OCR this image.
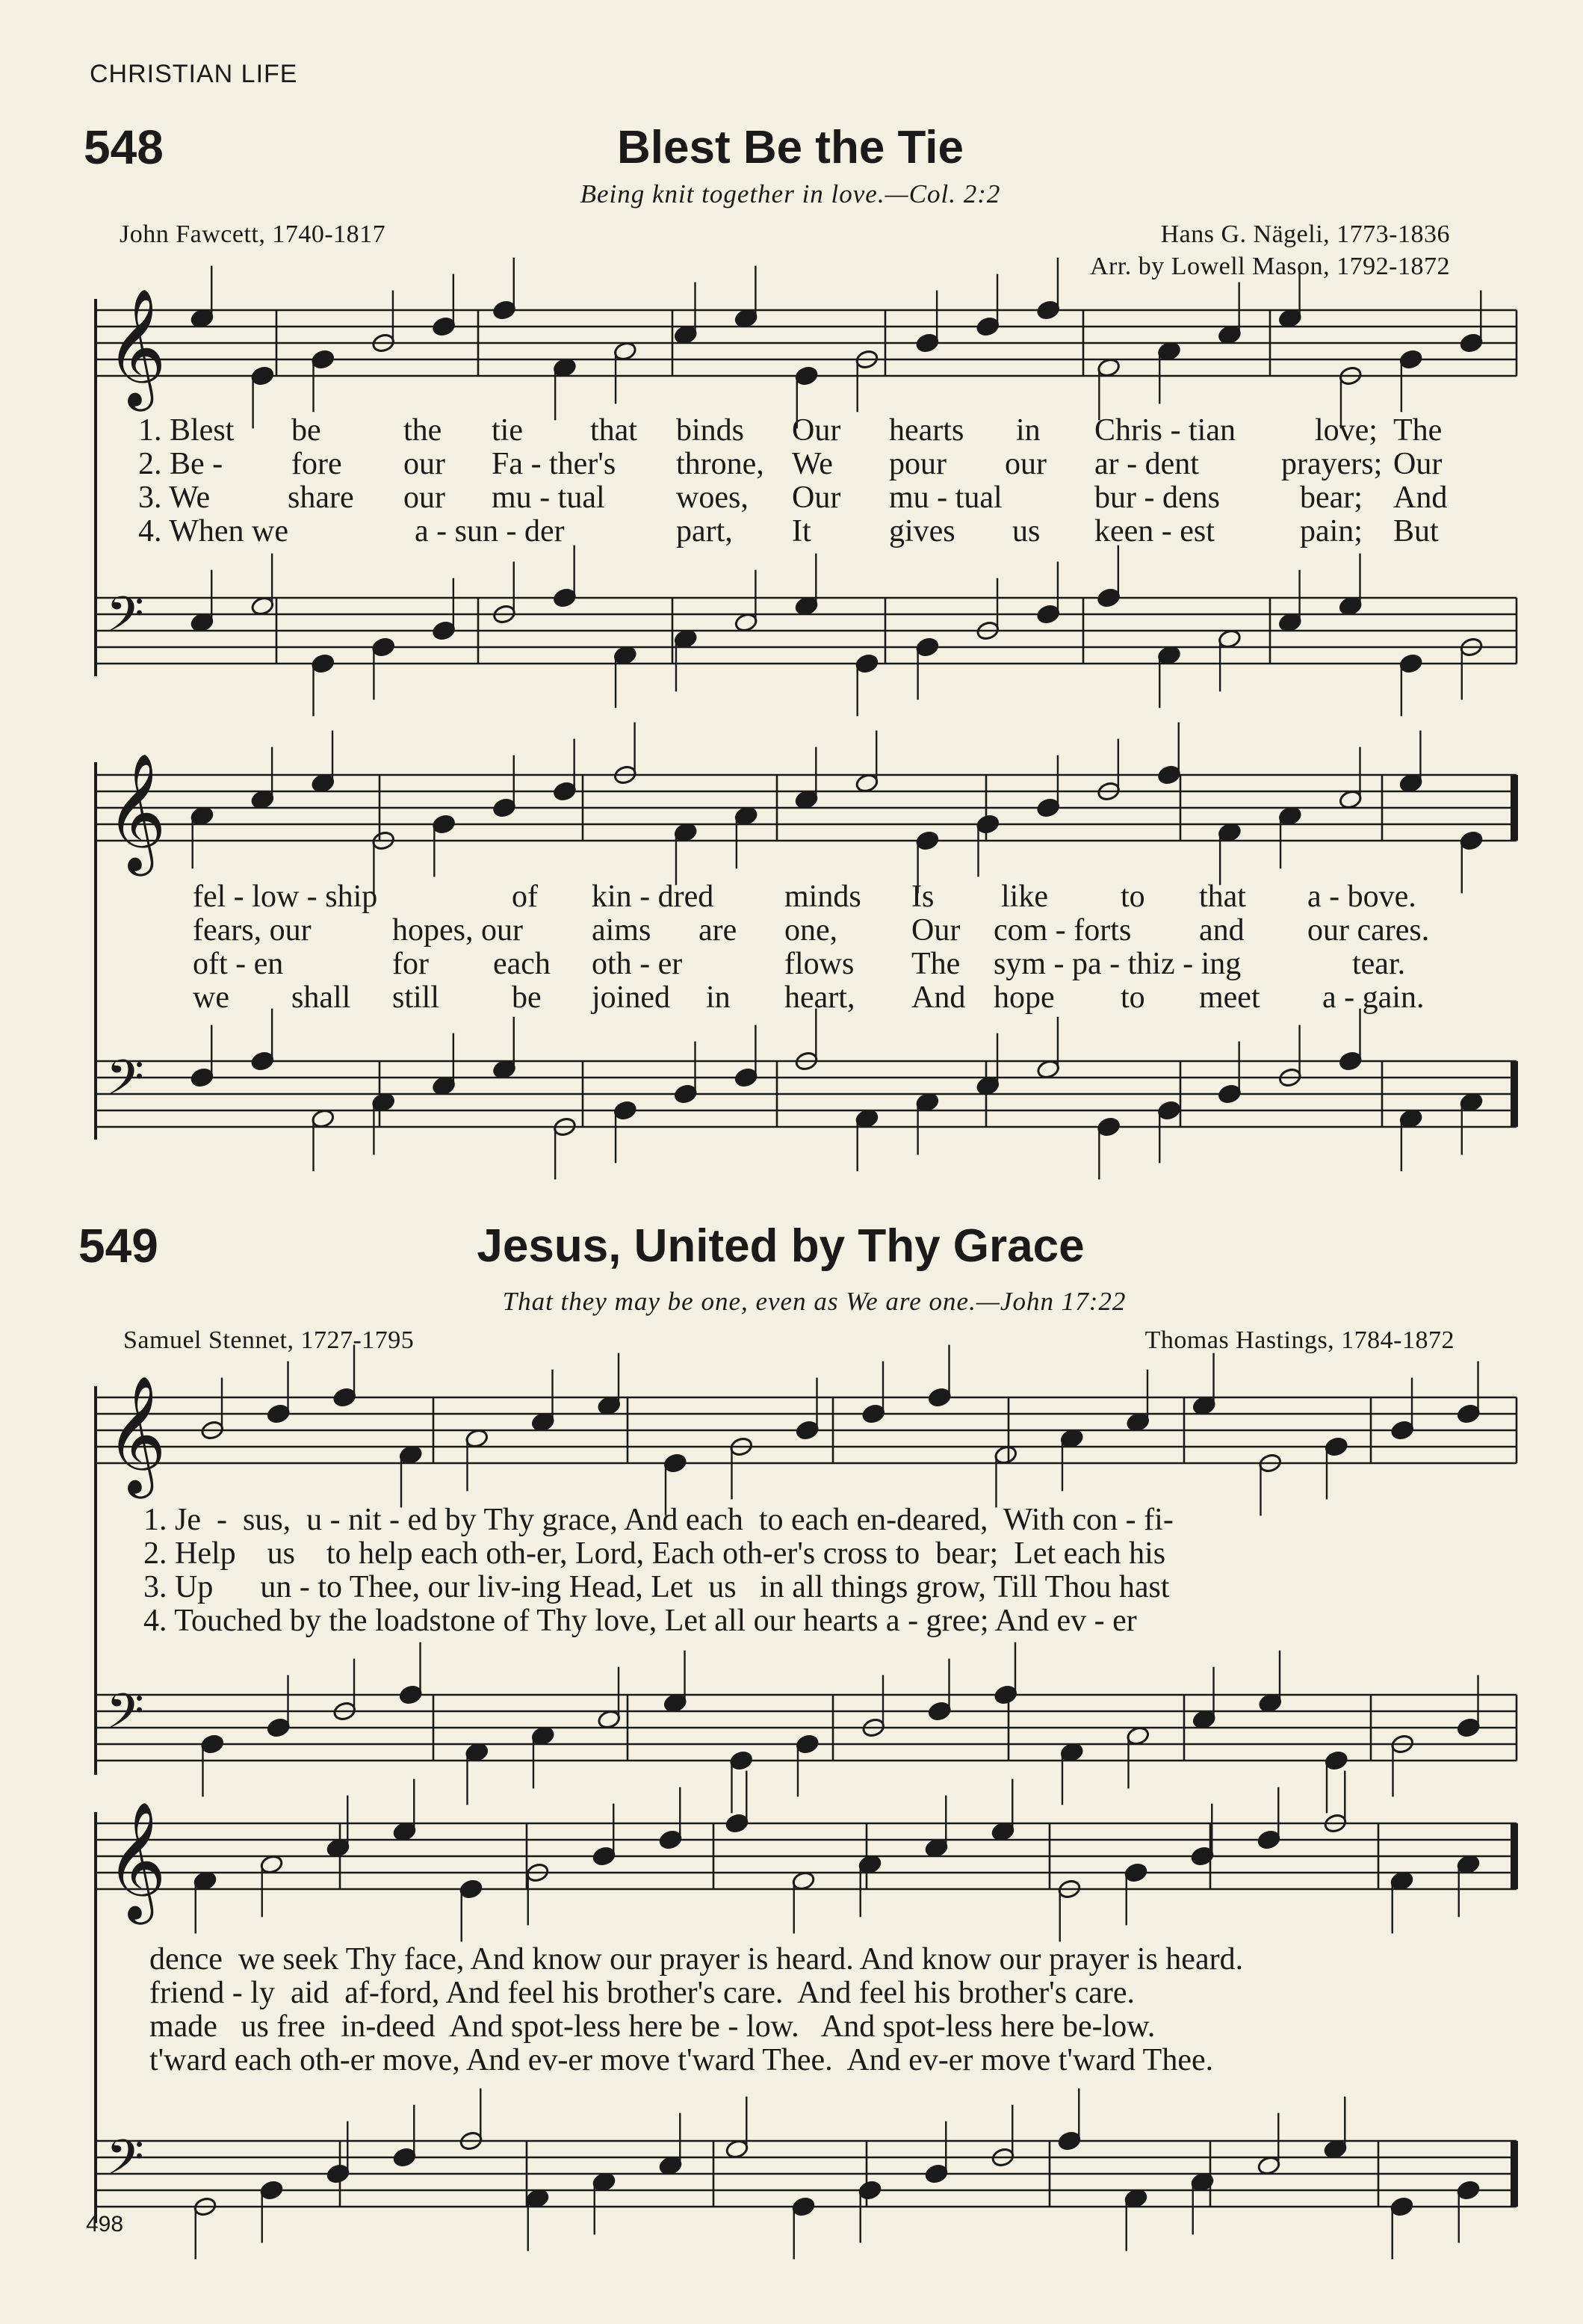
CHRISTIAN LIFE
548	Blest Be the Tie
Being knit together in love.—Col. 2:2
John Fawcett, 1740-1817	Hans G. Nägeli, 1773-1836
Arr. by Lowell Mason, 1792-1872
1. Blest be	the tie that binds Our hearts in Chris - tian	love; The
2. Be - fore our Fa - ther's throne, We pour our ar - dent	prayers; Our
3. We share our mu - tual woes, Our mu - tual	bur - dens	bear; And
4. When we	a - sun - der	part, It gives us keen - est	pain; But
fel - low - ship	of kin - dred minds Is like to that a - bove.
fears, our	hopes, our aims are one, Our com - forts and our cares.
oft - en	for each oth - er	flows The sym - pa - thiz - ing	tear.
we shall still be joined in heart, And hope to meet a - gain.
549	Jesus, United by Thy Grace
That they may be one, even as We are one.—John 17:22
Samuel Stennet, 1727-1795	Thomas Hastings, 1784-1872
1. Je  -  sus,  u - nit - ed by Thy grace, And each  to each en-deared,  With con - fi-
2. Help    us    to help each oth-er, Lord, Each oth-er's cross to  bear;  Let each his
3. Up      un - to Thee, our liv-ing Head, Let  us   in all things grow, Till Thou hast
4. Touched by the loadstone of Thy love, Let all our hearts a - gree; And ev - er
dence  we seek Thy face, And know our prayer is heard. And know our prayer is heard.
friend - ly  aid  af-ford, And feel his brother's care.  And feel his brother's care.
made   us free  in-deed  And spot-less here be - low.   And spot-less here be-low.
t'ward each oth-er move, And ev-er move t'ward Thee.  And ev-er move t'ward Thee.
498
𝄞
𝄢
𝄞
𝄢
𝄞
𝄢
𝄞
𝄢
